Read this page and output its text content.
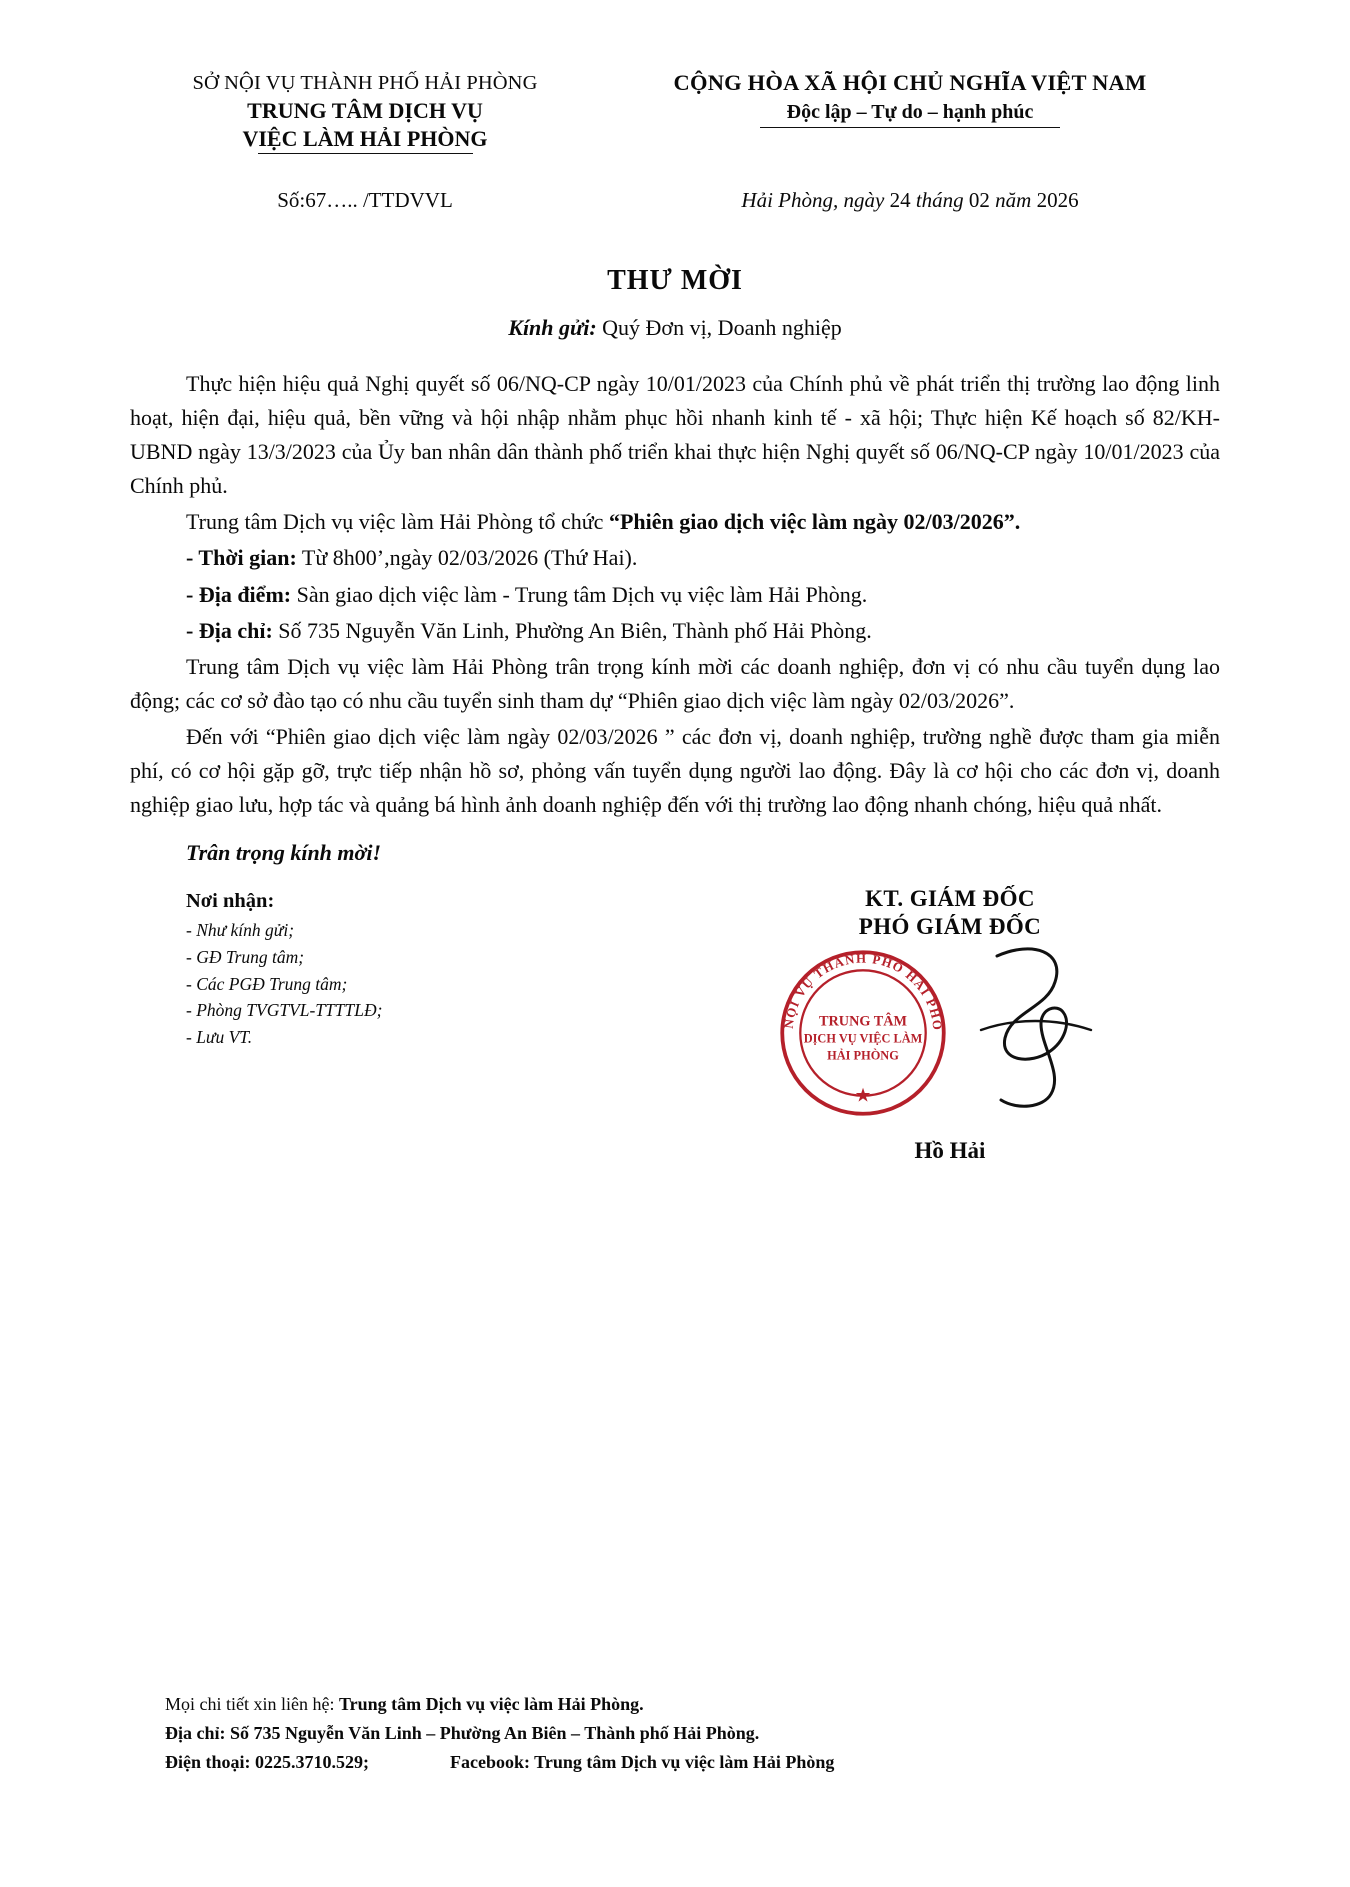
SỞ NỘI VỤ THÀNH PHỐ HẢI PHÒNG
TRUNG TÂM DỊCH VỤ
VIỆC LÀM HẢI PHÒNG
CỘNG HÒA XÃ HỘI CHỦ NGHĨA VIỆT NAM
Độc lập – Tự do – hạnh phúc
Số:67….. /TTDVVL	Hải Phòng, ngày 24 tháng 02 năm 2026
THƯ MỜI
Kính gửi: Quý Đơn vị, Doanh nghiệp

Thực hiện hiệu quả Nghị quyết số 06/NQ-CP ngày 10/01/2023 của Chính phủ về phát triển thị trường lao động linh hoạt, hiện đại, hiệu quả, bền vững và hội nhập nhằm phục hồi nhanh kinh tế - xã hội; Thực hiện Kế hoạch số 82/KH-UBND ngày 13/3/2023 của Ủy ban nhân dân thành phố triển khai thực hiện Nghị quyết số 06/NQ-CP ngày 10/01/2023 của Chính phủ.

Trung tâm Dịch vụ việc làm Hải Phòng tổ chức “Phiên giao dịch việc làm ngày 02/03/2026”.

- Thời gian: Từ 8h00’,ngày 02/03/2026 (Thứ Hai).

- Địa điểm: Sàn giao dịch việc làm - Trung tâm Dịch vụ việc làm Hải Phòng.

- Địa chỉ: Số 735 Nguyễn Văn Linh, Phường An Biên, Thành phố Hải Phòng.

Trung tâm Dịch vụ việc làm Hải Phòng trân trọng kính mời các doanh nghiệp, đơn vị có nhu cầu tuyển dụng lao động; các cơ sở đào tạo có nhu cầu tuyển sinh tham dự “Phiên giao dịch việc làm ngày 02/03/2026”.

Đến với “Phiên giao dịch việc làm ngày 02/03/2026 ” các đơn vị, doanh nghiệp, trường nghề được tham gia miễn phí, có cơ hội gặp gỡ, trực tiếp nhận hồ sơ, phỏng vấn tuyển dụng người lao động. Đây là cơ hội cho các đơn vị, doanh nghiệp giao lưu, hợp tác và quảng bá hình ảnh doanh nghiệp đến với thị trường lao động nhanh chóng, hiệu quả nhất.

Trân trọng kính mời!
Nơi nhận:
- Như kính gửi;
- GĐ Trung tâm;
- Các PGĐ Trung tâm;
- Phòng TVGTVL-TTTTLĐ;
- Lưu VT.
KT. GIÁM ĐỐC
PHÓ GIÁM ĐỐC
NỘI VỤ THÀNH PHỐ HẢI PHÒ
TRUNG TÂM
DỊCH VỤ VIỆC LÀM
HẢI PHÒNG
★
Hồ Hải
Mọi chi tiết xin liên hệ: Trung tâm Dịch vụ việc làm Hải Phòng.
Địa chỉ: Số 735 Nguyễn Văn Linh – Phường An Biên – Thành phố Hải Phòng.
Điện thoại: 0225.3710.529;	Facebook: Trung tâm Dịch vụ việc làm Hải Phòng
